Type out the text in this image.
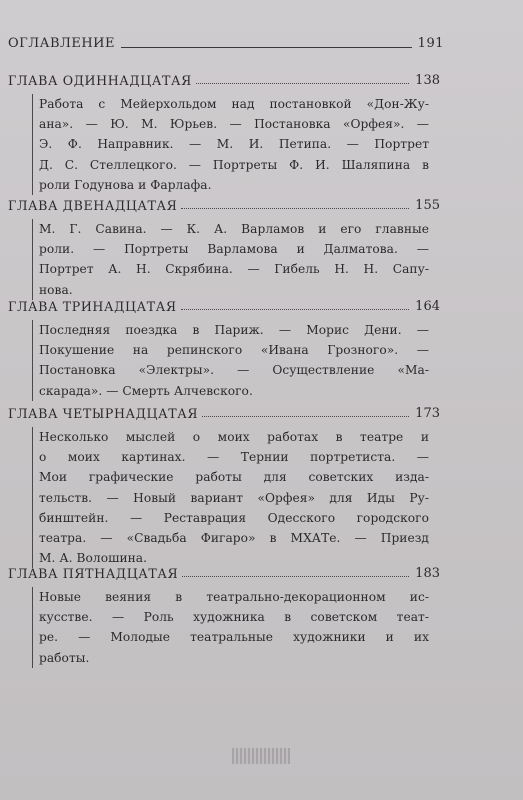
ОГЛАВЛЕНИЕ	191
ГЛАВА ОДИННАДЦАТАЯ	138
Работа с Мейерхольдом над постановкой «Дон-Жу-
ана». — Ю. М. Юрьев. — Постановка «Орфея». —
Э. Ф. Направник. — М. И. Петипа. — Портрет
Д. С. Стеллецкого. — Портреты Ф. И. Шаляпина в
роли Годунова и Фарлафа.
ГЛАВА ДВЕНАДЦАТАЯ	155
М. Г. Савина. — К. А. Варламов и его главные
роли. — Портреты Варламова и Далматова. —
Портрет А. Н. Скрябина. — Гибель Н. Н. Сапу-
нова.
ГЛАВА ТРИНАДЦАТАЯ	164
Последняя поездка в Париж. — Морис Дени. —
Покушение на репинского «Ивана Грозного». —
Постановка «Электры». — Осуществление «Ма-
скарада». — Смерть Алчевского.
ГЛАВА ЧЕТЫРНАДЦАТАЯ	173
Несколько мыслей о моих работах в театре и
о моих картинах. — Тернии портретиста. —
Мои графические работы для советских изда-
тельств. — Новый вариант «Орфея» для Иды Ру-
бинштейн. — Реставрация Одесского городского
театра. — «Свадьба Фигаро» в МХАТе. — Приезд
М. А. Волошина.
ГЛАВА ПЯТНАДЦАТАЯ	183
Новые веяния в театрально-декорационном ис-
кусстве. — Роль художника в советском теат-
ре. — Молодые театральные художники и их
работы.
